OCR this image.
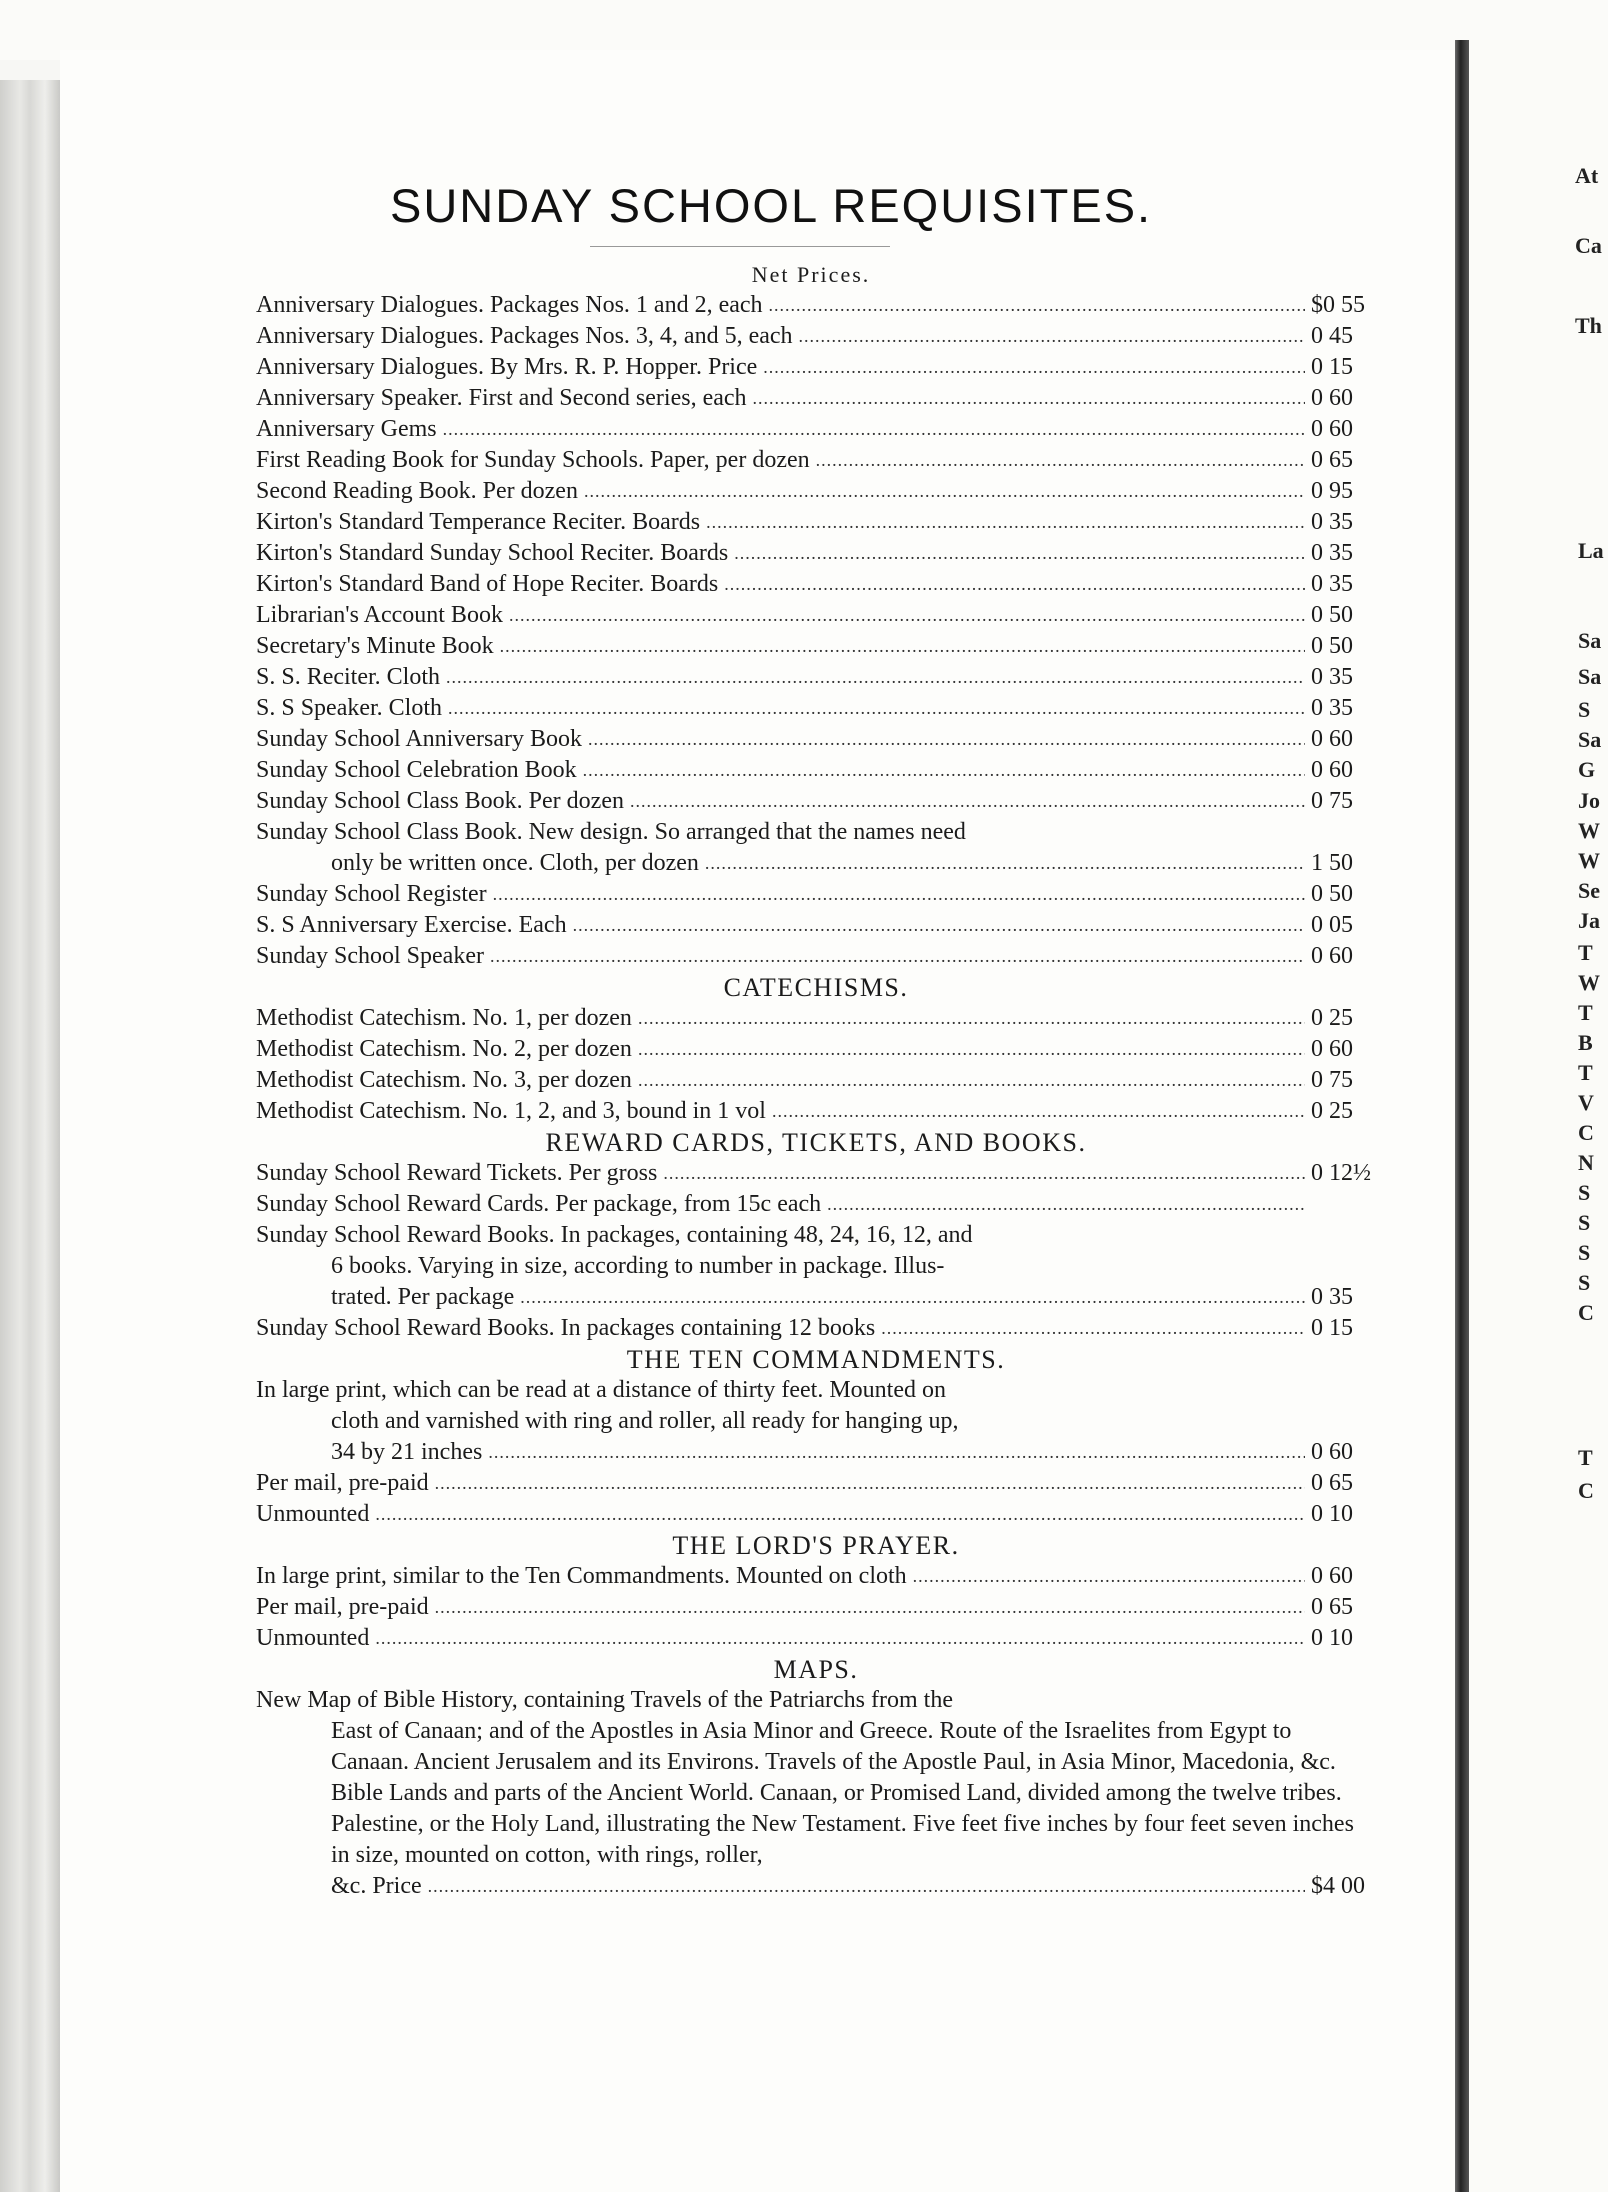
At
Ca
Th
La
Sa
Sa
S
Sa
G
Jo
W
W
Se
Ja
T
W
T
B
T
V
C
N
S
S
S
S
C
T
C
SUNDAY SCHOOL REQUISITES.
Net Prices.
Anniversary Dialogues. Packages Nos. 1 and 2, each .....	$0 55
Anniversary Dialogues. Packages Nos. 3, 4, and 5, each .....	0 45
Anniversary Dialogues. By Mrs. R. P. Hopper. Price .....	0 15
Anniversary Speaker. First and Second series, each .....	0 60
Anniversary Gems .....	0 60
First Reading Book for Sunday Schools. Paper, per dozen .....	0 65
Second Reading Book. Per dozen .....	0 95
Kirton's Standard Temperance Reciter. Boards .....	0 35
Kirton's Standard Sunday School Reciter. Boards .....	0 35
Kirton's Standard Band of Hope Reciter. Boards .....	0 35
Librarian's Account Book .....	0 50
Secretary's Minute Book .....	0 50
S. S. Reciter. Cloth .....	0 35
S. S Speaker. Cloth .....	0 35
Sunday School Anniversary Book .....	0 60
Sunday School Celebration Book .....	0 60
Sunday School Class Book. Per dozen .....	0 75
Sunday School Class Book. New design. So arranged that the names need
only be written once. Cloth, per dozen .....	1 50
Sunday School Register .....	0 50
S. S Anniversary Exercise. Each .....	0 05
Sunday School Speaker .....	0 60
CATECHISMS.
Methodist Catechism. No. 1, per dozen .....	0 25
Methodist Catechism. No. 2, per dozen .....	0 60
Methodist Catechism. No. 3, per dozen .....	0 75
Methodist Catechism. No. 1, 2, and 3, bound in 1 vol .....	0 25
REWARD CARDS, TICKETS, AND BOOKS.
Sunday School Reward Tickets. Per gross .....	0 12½
Sunday School Reward Cards. Per package, from 15c each
.....
Sunday School Reward Books. In packages, containing 48, 24, 16, 12, and
6 books. Varying in size, according to number in package. Illus-
trated. Per package .....	0 35
Sunday School Reward Books. In packages containing 12 books .....	0 15
THE TEN COMMANDMENTS.
In large print, which can be read at a distance of thirty feet. Mounted on
cloth and varnished with ring and roller, all ready for hanging up,
34 by 21 inches .....	0 60
Per mail, pre-paid .....	0 65
Unmounted .....	0 10
THE LORD'S PRAYER.
In large print, similar to the Ten Commandments. Mounted on cloth .....	0 60
Per mail, pre-paid .....	0 65
Unmounted .....	0 10
MAPS.
New Map of Bible History, containing Travels of the Patriarchs from the
East of Canaan; and of the Apostles in Asia Minor and Greece. Route of the Israelites from Egypt to Canaan. Ancient Jerusalem and its Environs. Travels of the Apostle Paul, in Asia Minor, Macedonia, &c. Bible Lands and parts of the Ancient World. Canaan, or Promised Land, divided among the twelve tribes. Palestine, or the Holy Land, illustrating the New Testament. Five feet five inches by four feet seven inches in size, mounted on cotton, with rings, roller,
&c. Price .....	$4 00
